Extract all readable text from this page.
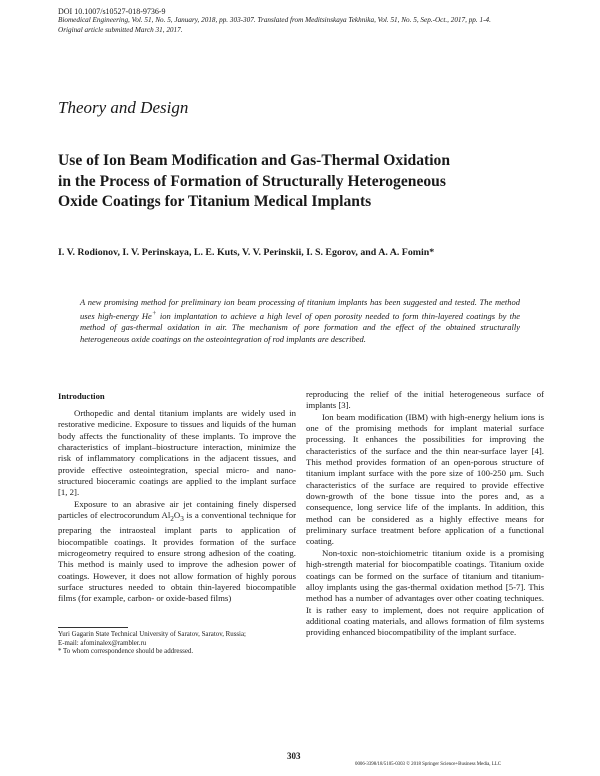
DOI 10.1007/s10527-018-9736-9
Biomedical Engineering, Vol. 51, No. 5, January, 2018, pp. 303-307. Translated from Meditsinskaya Tekhnika, Vol. 51, No. 5, Sep.-Oct., 2017, pp. 1-4.
Original article submitted March 31, 2017.
Theory and Design
Use of Ion Beam Modification and Gas-Thermal Oxidation
in the Process of Formation of Structurally Heterogeneous
Oxide Coatings for Titanium Medical Implants
I. V. Rodionov, I. V. Perinskaya, L. E. Kuts, V. V. Perinskii, I. S. Egorov, and A. A. Fomin*
A new promising method for preliminary ion beam processing of titanium implants has been suggested and tested. The method uses high-energy He+ ion implantation to achieve a high level of open porosity needed to form thin-layered coatings by the method of gas-thermal oxidation in air. The mechanism of pore formation and the effect of the obtained structurally heterogeneous oxide coatings on the osteointegration of rod implants are described.
Introduction

Orthopedic and dental titanium implants are widely used in restorative medicine. Exposure to tissues and liquids of the human body affects the functionality of these implants. To improve the characteristics of implant–biostructure interaction, minimize the risk of inflammatory complications in the adjacent tissues, and provide effective osteointegration, special micro- and nano-structured bioceramic coatings are applied to the implant surface [1, 2].

Exposure to an abrasive air jet containing finely dispersed particles of electrocorundum $Al_2O_3$ is a conventional technique for preparing the intraosteal implant parts to application of biocompatible coatings. It provides formation of the surface microgeometry required to ensure strong adhesion of the coating. This method is mainly used to improve the adhesion power of coatings. However, it does not allow formation of highly porous surface structures needed to obtain thin-layered biocompatible films (for example, carbon- or oxide-based films)

reproducing the relief of the initial heterogeneous surface of implants [3].

Ion beam modification (IBM) with high-energy helium ions is one of the promising methods for implant material surface processing. It enhances the possibilities for improving the characteristics of the surface and the thin near-surface layer [4]. This method provides formation of an open-porous structure of titanium implant surface with the pore size of 100-250 μm. Such characteristics of the surface are required to provide effective down-growth of the bone tissue into the pores and, as a consequence, long service life of the implants. In addition, this method can be considered as a highly effective means for preliminary surface treatment before application of a functional coating.

Non-toxic non-stoichiometric titanium oxide is a promising high-strength material for biocompatible coatings. Titanium oxide coatings can be formed on the surface of titanium and titanium-alloy implants using the gas-thermal oxidation method [5-7]. This method has a number of advantages over other coating techniques. It is rather easy to implement, does not require application of additional coating materials, and allows formation of film systems providing enhanced biocompatibility of the implant surface.

Yuri Gagarin State Technical University of Saratov, Saratov, Russia;
E-mail: afominalex@rambler.ru
* To whom correspondence should be addressed.
303
0006-3398/18/5105-0303 © 2018 Springer Science+Business Media, LLC
